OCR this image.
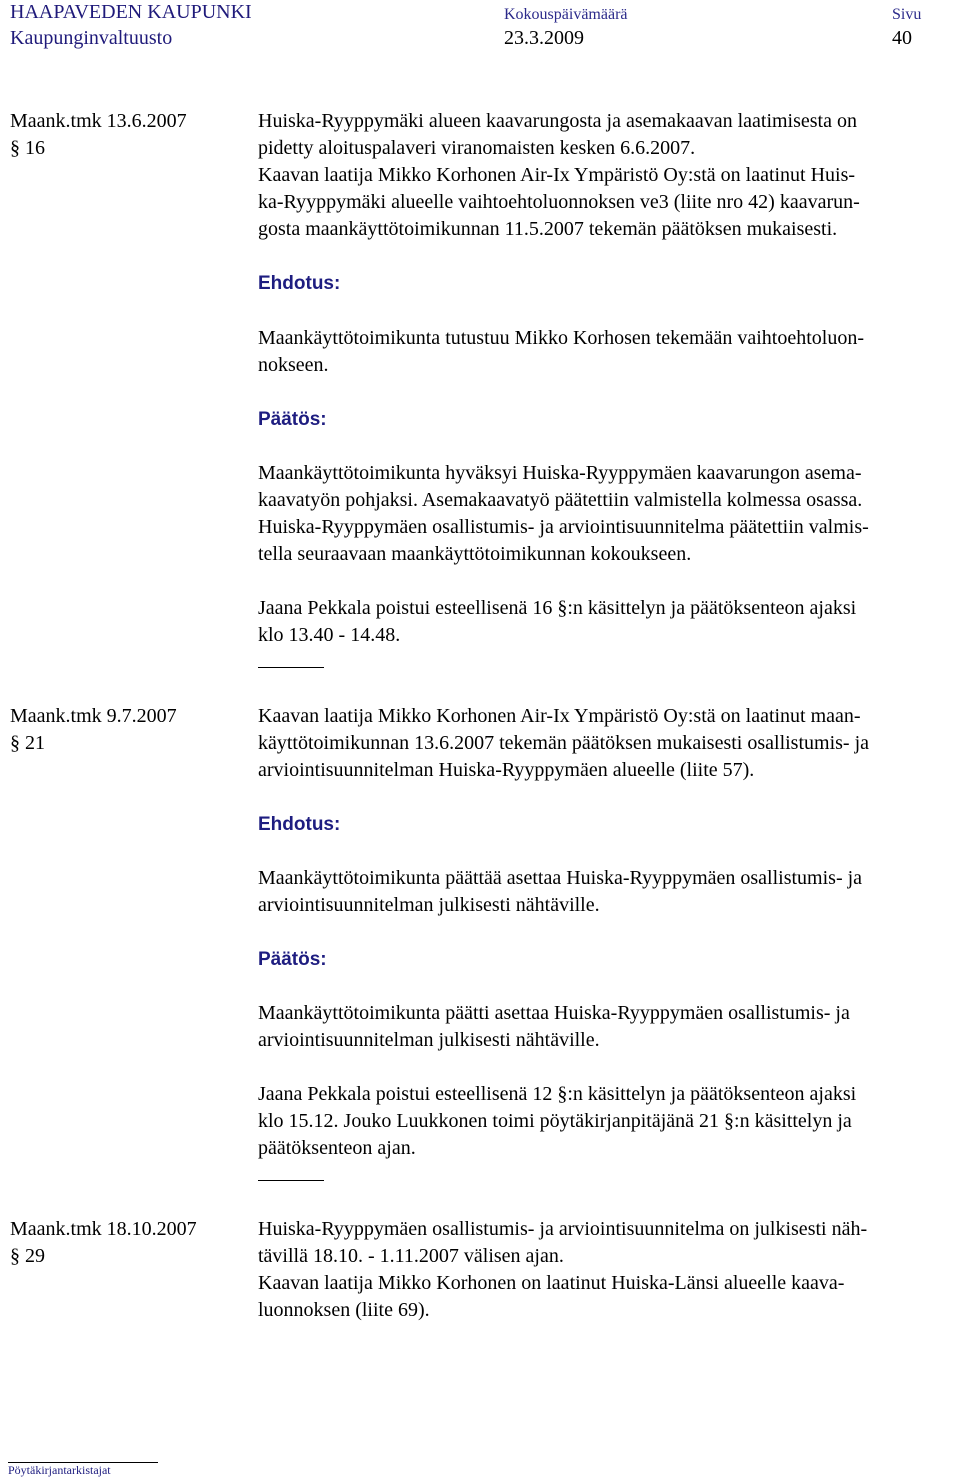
HAAPAVEDEN KAUPUNKI
Kaupunginvaltuusto
Kokouspäivämäärä
23.3.2009
Sivu
40
Maank.tmk 13.6.2007
§ 16
Huiska-Ryyppymäki alueen kaavarungosta ja asemakaavan laatimisesta on
pidetty aloituspalaveri viranomaisten kesken 6.6.2007.
Kaavan laatija Mikko Korhonen Air-Ix Ympäristö Oy:stä on laatinut Huis-
ka-Ryyppymäki alueelle vaihtoehtoluonnoksen ve3 (liite nro 42) kaavarun-
gosta maankäyttötoimikunnan 11.5.2007 tekemän päätöksen mukaisesti.
Ehdotus:
Maankäyttötoimikunta tutustuu Mikko Korhosen tekemään vaihtoehtoluon-
nokseen.
Päätös:
Maankäyttötoimikunta hyväksyi Huiska-Ryyppymäen kaavarungon asema-
kaavatyön pohjaksi. Asemakaavatyö päätettiin valmistella kolmessa osassa.
Huiska-Ryyppymäen osallistumis- ja arviointisuunnitelma päätettiin valmis-
tella seuraavaan maankäyttötoimikunnan kokoukseen.
Jaana Pekkala poistui esteellisenä 16 §:n käsittelyn ja päätöksenteon ajaksi
klo 13.40 - 14.48.
Maank.tmk 9.7.2007
§ 21
Kaavan laatija Mikko Korhonen Air-Ix Ympäristö Oy:stä on laatinut maan-
käyttötoimikunnan 13.6.2007 tekemän päätöksen mukaisesti osallistumis- ja
arviointisuunnitelman Huiska-Ryyppymäen alueelle (liite 57).
Ehdotus:
Maankäyttötoimikunta päättää asettaa Huiska-Ryyppymäen osallistumis- ja
arviointisuunnitelman julkisesti nähtäville.
Päätös:
Maankäyttötoimikunta päätti asettaa Huiska-Ryyppymäen osallistumis- ja
arviointisuunnitelman julkisesti nähtäville.
Jaana Pekkala poistui esteellisenä 12 §:n käsittelyn ja päätöksenteon ajaksi
klo 15.12. Jouko Luukkonen toimi pöytäkirjanpitäjänä 21 §:n käsittelyn ja
päätöksenteon ajan.
Maank.tmk 18.10.2007
§ 29
Huiska-Ryyppymäen osallistumis- ja arviointisuunnitelma on julkisesti näh-
tävillä 18.10. - 1.11.2007 välisen ajan.
Kaavan laatija Mikko Korhonen on laatinut Huiska-Länsi alueelle kaava-
luonnoksen (liite 69).
Pöytäkirjantarkistajat
